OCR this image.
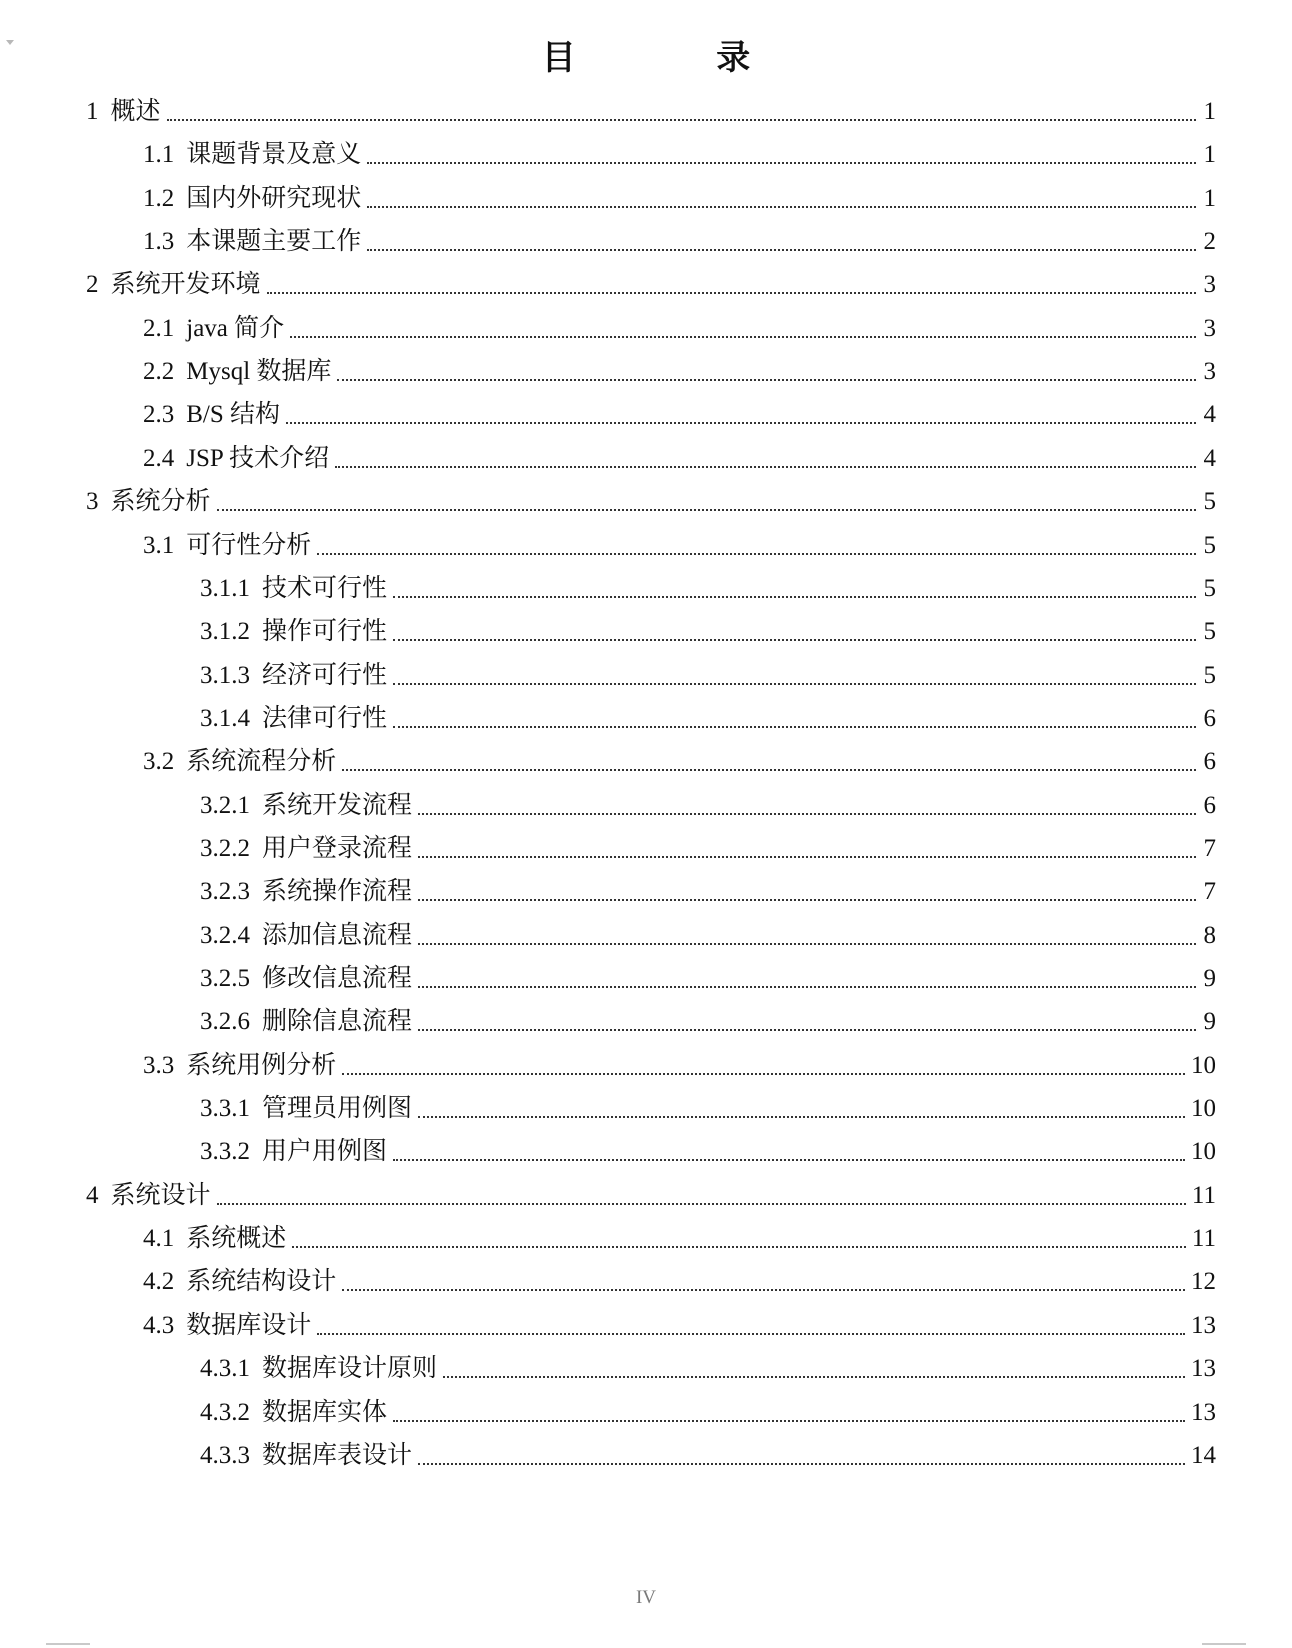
目 录
1 概述	1
1.1 课题背景及意义	1
1.2 国内外研究现状	1
1.3 本课题主要工作	2
2 系统开发环境	3
2.1 java 简介	3
2.2 Mysql 数据库	3
2.3 B/S 结构	4
2.4 JSP 技术介绍	4
3 系统分析	5
3.1 可行性分析	5
3.1.1 技术可行性	5
3.1.2 操作可行性	5
3.1.3 经济可行性	5
3.1.4 法律可行性	6
3.2 系统流程分析	6
3.2.1 系统开发流程	6
3.2.2 用户登录流程	7
3.2.3 系统操作流程	7
3.2.4 添加信息流程	8
3.2.5 修改信息流程	9
3.2.6 删除信息流程	9
3.3 系统用例分析	10
3.3.1 管理员用例图	10
3.3.2 用户用例图	10
4 系统设计	11
4.1 系统概述	11
4.2 系统结构设计	12
4.3 数据库设计	13
4.3.1 数据库设计原则	13
4.3.2 数据库实体	13
4.3.3 数据库表设计	14
IV
